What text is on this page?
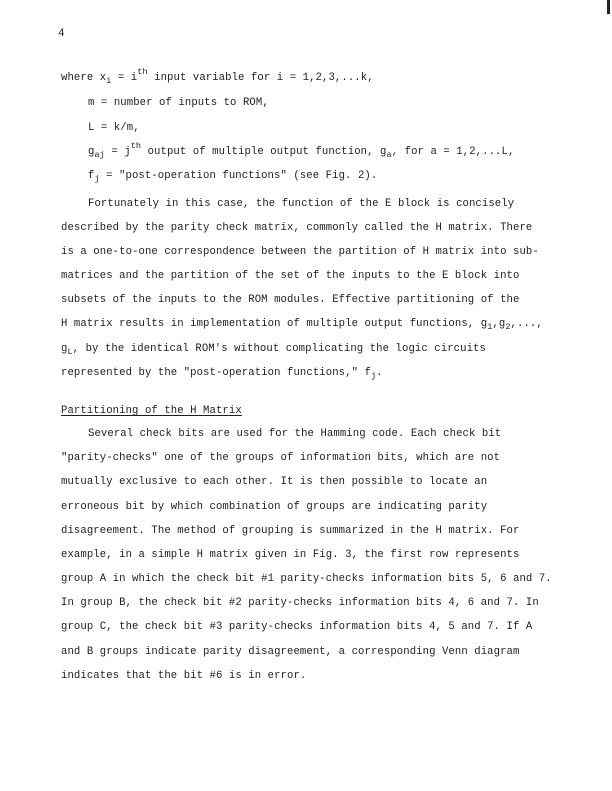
4
where $x_i = i^{th}$ input variable for i = 1,2,3,...k,
m = number of inputs to ROM,
L = k/m,
$g_{aj} = j^{th}$ output of multiple output function, $g_a$, for a = 1,2,...L,
$f_j$ = "post-operation functions" (see Fig. 2).
Fortunately in this case, the function of the E block is concisely
described by the parity check matrix, commonly called the H matrix. There
is a one-to-one correspondence between the partition of H matrix into sub-
matrices and the partition of the set of the inputs to the E block into
subsets of the inputs to the ROM modules. Effective partitioning of the
H matrix results in implementation of multiple output functions, $g_1,g_2$,...,
$g_L$, by the identical ROM's without complicating the logic circuits
represented by the "post-operation functions," $f_j$.
Partitioning of the H Matrix
Several check bits are used for the Hamming code. Each check bit
"parity-checks" one of the groups of information bits, which are not
mutually exclusive to each other. It is then possible to locate an
erroneous bit by which combination of groups are indicating parity
disagreement. The method of grouping is summarized in the H matrix. For
example, in a simple H matrix given in Fig. 3, the first row represents
group A in which the check bit #1 parity-checks information bits 5, 6 and 7.
In group B, the check bit #2 parity-checks information bits 4, 6 and 7. In
group C, the check bit #3 parity-checks information bits 4, 5 and 7. If A
and B groups indicate parity disagreement, a corresponding Venn diagram
indicates that the bit #6 is in error.
